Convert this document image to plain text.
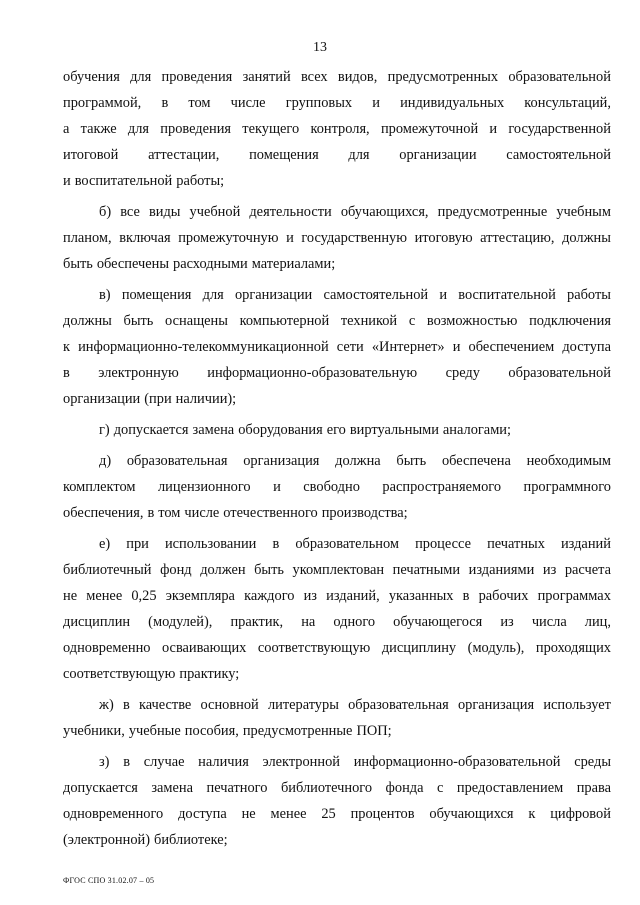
13
обучения для проведения занятий всех видов, предусмотренных образовательной
программой, в том числе групповых и индивидуальных консультаций,
а также для проведения текущего контроля, промежуточной и государственной
итоговой аттестации, помещения для организации самостоятельной
и воспитательной работы;
б) все виды учебной деятельности обучающихся, предусмотренные учебным
планом, включая промежуточную и государственную итоговую аттестацию, должны
быть обеспечены расходными материалами;
в) помещения для организации самостоятельной и воспитательной работы
должны быть оснащены компьютерной техникой с возможностью подключения
к информационно-телекоммуникационной сети «Интернет» и обеспечением доступа
в электронную информационно-образовательную среду образовательной
организации (при наличии);
г) допускается замена оборудования его виртуальными аналогами;
д) образовательная организация должна быть обеспечена необходимым
комплектом лицензионного и свободно распространяемого программного
обеспечения, в том числе отечественного производства;
е) при использовании в образовательном процессе печатных изданий
библиотечный фонд должен быть укомплектован печатными изданиями из расчета
не менее 0,25 экземпляра каждого из изданий, указанных в рабочих программах
дисциплин (модулей), практик, на одного обучающегося из числа лиц,
одновременно осваивающих соответствующую дисциплину (модуль), проходящих
соответствующую практику;
ж) в качестве основной литературы образовательная организация использует
учебники, учебные пособия, предусмотренные ПОП;
з) в случае наличия электронной информационно-образовательной среды
допускается замена печатного библиотечного фонда с предоставлением права
одновременного доступа не менее 25 процентов обучающихся к цифровой
(электронной) библиотеке;
ФГОС СПО 31.02.07 – 05
